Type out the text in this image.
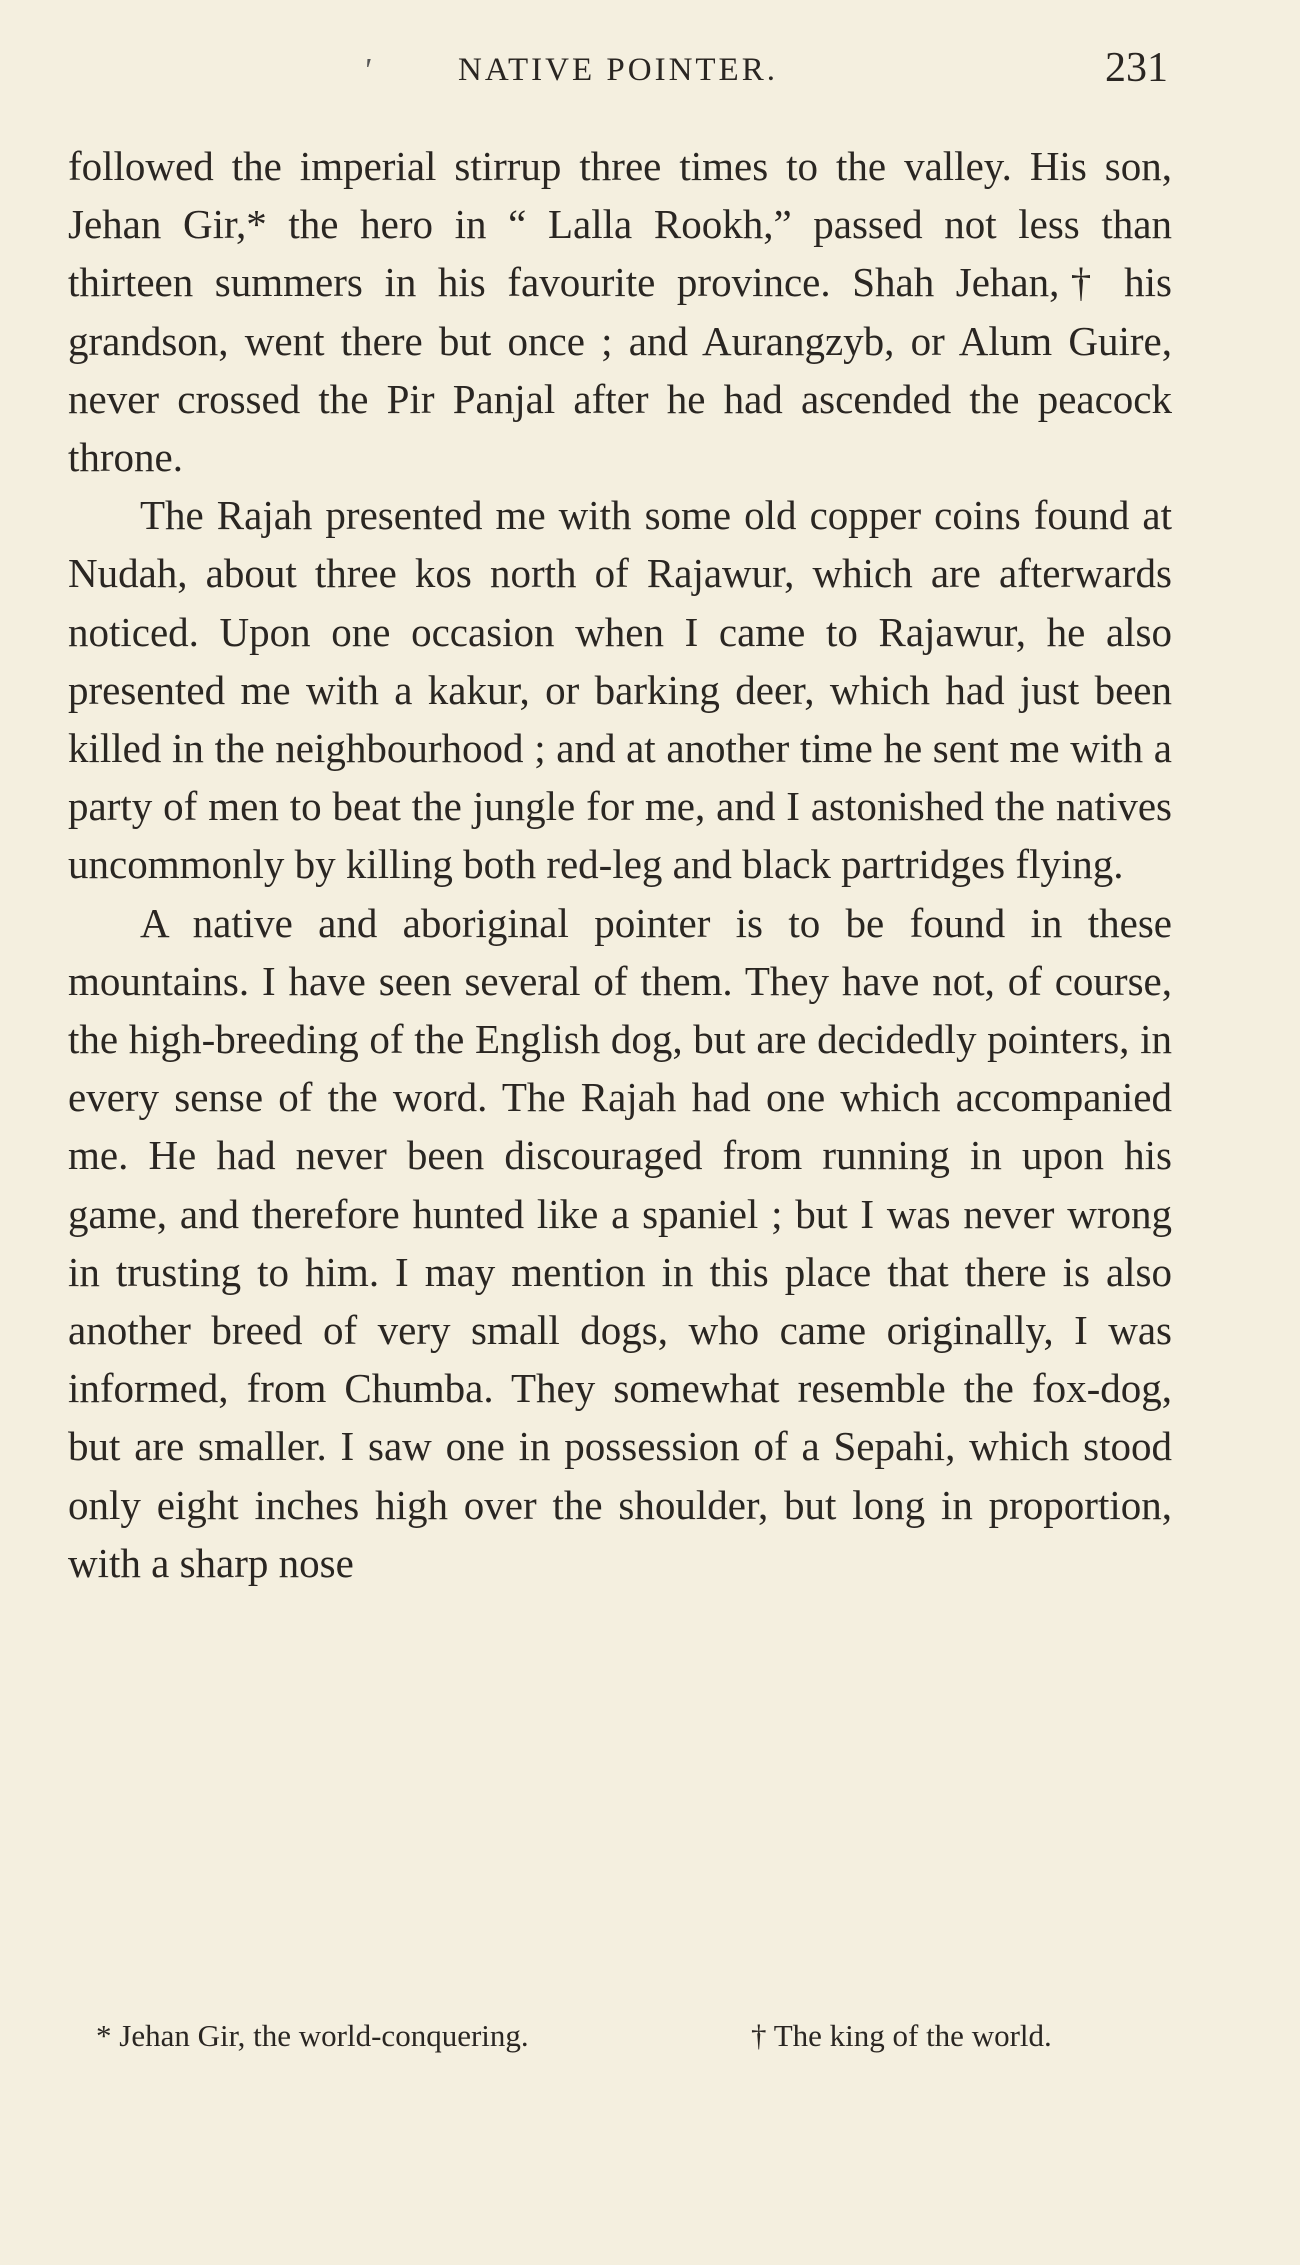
'	NATIVE POINTER.	231

followed the imperial stirrup three times to the valley. His son, Jehan Gir,* the hero in “ Lalla Rookh,” passed not less than thirteen summers in his favourite province. Shah Jehan,† his grandson, went there but once ; and Aurangzyb, or Alum Guire, never crossed the Pir Panjal after he had ascended the peacock throne.

The Rajah presented me with some old copper coins found at Nudah, about three kos north of Rajawur, which are afterwards noticed. Upon one occasion when I came to Rajawur, he also presented me with a kakur, or barking deer, which had just been killed in the neighbourhood ; and at another time he sent me with a party of men to beat the jungle for me, and I astonished the natives uncommonly by killing both red-leg and black partridges flying.

A native and aboriginal pointer is to be found in these mountains. I have seen several of them. They have not, of course, the high-breeding of the English dog, but are decidedly pointers, in every sense of the word. The Rajah had one which accompanied me. He had never been discouraged from running in upon his game, and therefore hunted like a spaniel ; but I was never wrong in trusting to him. I may mention in this place that there is also another breed of very small dogs, who came originally, I was informed, from Chumba. They somewhat resemble the fox-dog, but are smaller. I saw one in possession of a Sepahi, which stood only eight inches high over the shoulder, but long in proportion, with a sharp nose

* Jehan Gir, the world-conquering.	† The king of the world.
